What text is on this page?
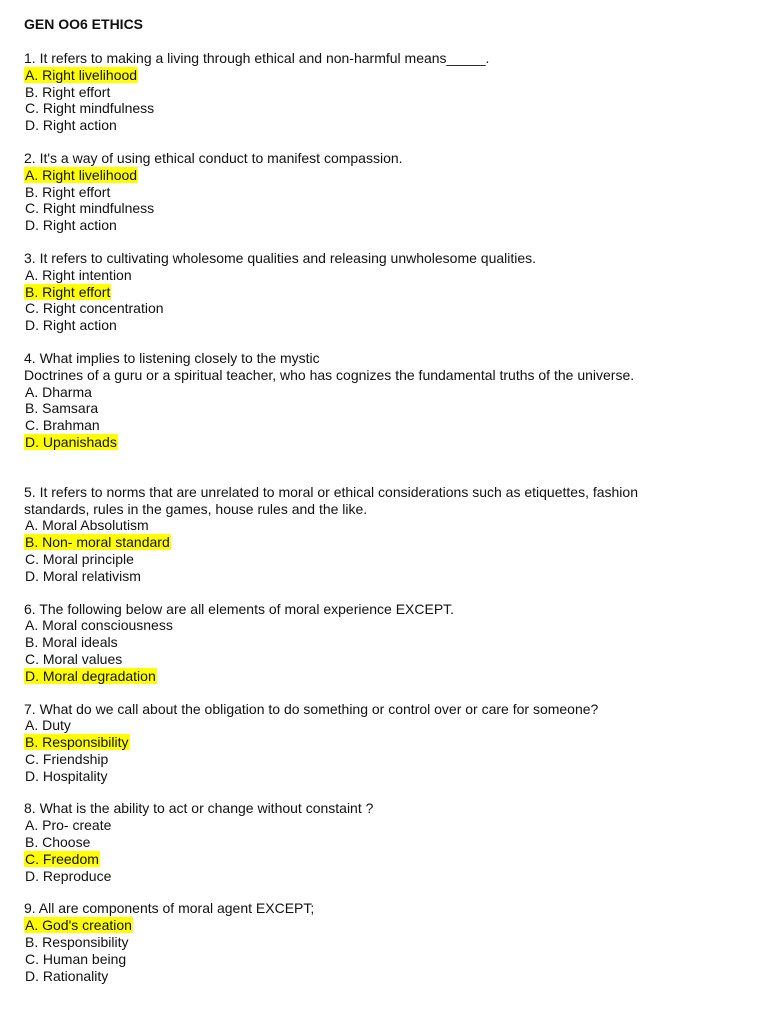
GEN OO6 ETHICS
1. It refers to making a living through ethical and non-harmful means_____.
A. Right livelihood
B. Right effort
C. Right mindfulness
D. Right action
2. It's a way of using ethical conduct to manifest compassion.
A. Right livelihood
B. Right effort
C. Right mindfulness
D. Right action
3. It refers to cultivating wholesome qualities and releasing unwholesome qualities.
A. Right intention
B. Right effort
C. Right concentration
D. Right action
4. What implies to listening closely to the mystic
Doctrines of a guru or a spiritual teacher, who has cognizes the fundamental truths of the universe.
A. Dharma
B. Samsara
C. Brahman
D. Upanishads
5. It refers to norms that are unrelated to moral or ethical considerations such as etiquettes, fashion
standards, rules in the games, house rules and the like.
A. Moral Absolutism
B. Non- moral standard
C. Moral principle
D. Moral relativism
6. The following below are all elements of moral experience EXCEPT.
A. Moral consciousness
B. Moral ideals
C. Moral values
D. Moral degradation
7. What do we call about the obligation to do something or control over or care for someone?
A. Duty
B. Responsibility
C. Friendship
D. Hospitality
8. What is the ability to act or change without constaint ?
A. Pro- create
B. Choose
C. Freedom
D. Reproduce
9. All are components of moral agent EXCEPT;
A. God's creation
B. Responsibility
C. Human being
D. Rationality
